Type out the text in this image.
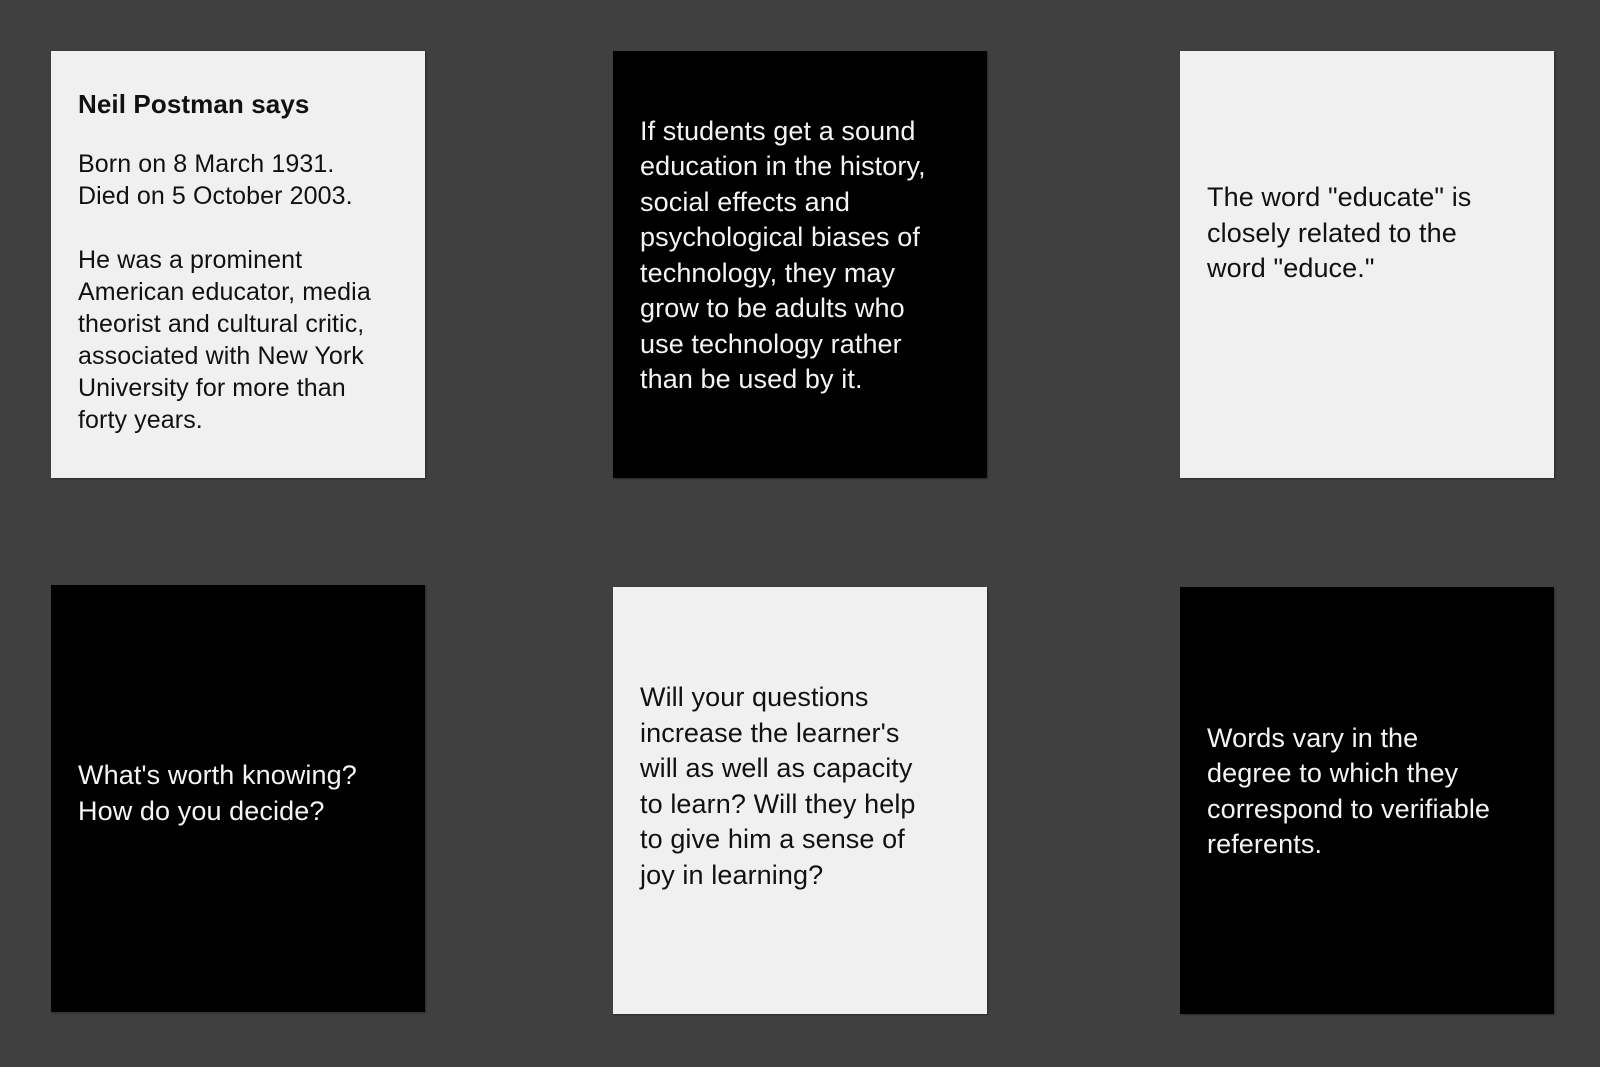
Neil Postman says

Born on 8 March 1931.
Died on 5 October 2003.

He was a prominent
American educator, media
theorist and cultural critic,
associated with New York
University for more than
forty years.

If students get a sound
education in the history,
social effects and
psychological biases of
technology, they may
grow to be adults who
use technology rather
than be used by it.

The word "educate" is
closely related to the
word "educe."

What's worth knowing?
How do you decide?

Will your questions
increase the learner's
will as well as capacity
to learn? Will they help
to give him a sense of
joy in learning?

Words vary in the
degree to which they
correspond to verifiable
referents.
